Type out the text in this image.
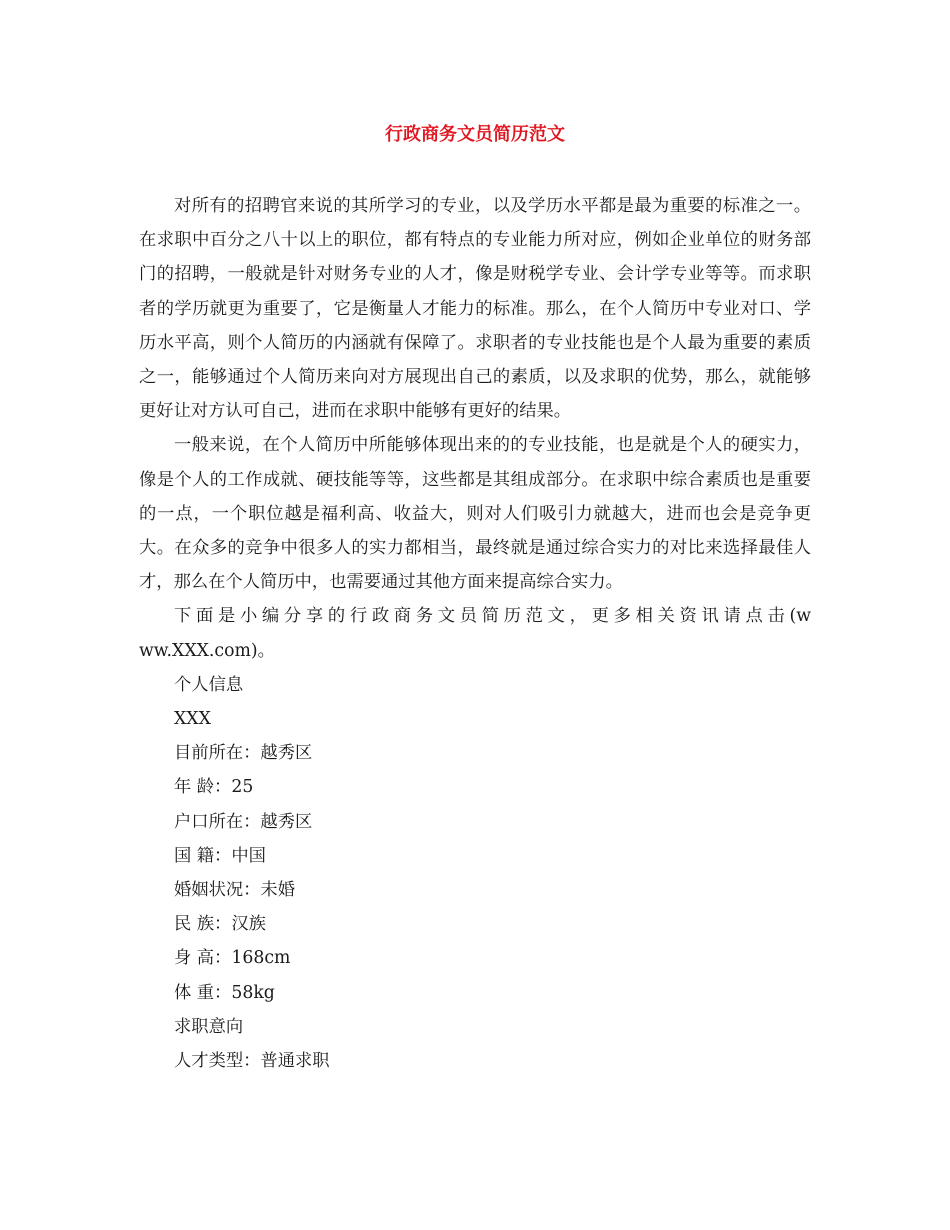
行政商务文员简历范文

对所有的招聘官来说的其所学习的专业，以及学历水平都是最为重要的标准之一。在求职中百分之八十以上的职位，都有特点的专业能力所对应，例如企业单位的财务部门的招聘，一般就是针对财务专业的人才，像是财税学专业、会计学专业等等。而求职者的学历就更为重要了，它是衡量人才能力的标准。那么，在个人简历中专业对口、学历水平高，则个人简历的内涵就有保障了。求职者的专业技能也是个人最为重要的素质之一，能够通过个人简历来向对方展现出自己的素质，以及求职的优势，那么，就能够更好让对方认可自己，进而在求职中能够有更好的结果。

一般来说，在个人简历中所能够体现出来的的专业技能，也是就是个人的硬实力，像是个人的工作成就、硬技能等等，这些都是其组成部分。在求职中综合素质也是重要的一点，一个职位越是福利高、收益大，则对人们吸引力就越大，进而也会是竞争更大。在众多的竞争中很多人的实力都相当，最终就是通过综合实力的对比来选择最佳人才，那么在个人简历中，也需要通过其他方面来提高综合实力。

下面是小编分享的行政商务文员简历范文，更多相关资讯请点击(www.XXX.com)。

个人信息

XXX

目前所在：越秀区

年 龄：25

户口所在：越秀区

国 籍：中国

婚姻状况：未婚

民 族：汉族

身 高：168cm

体 重：58kg

求职意向

人才类型：普通求职
